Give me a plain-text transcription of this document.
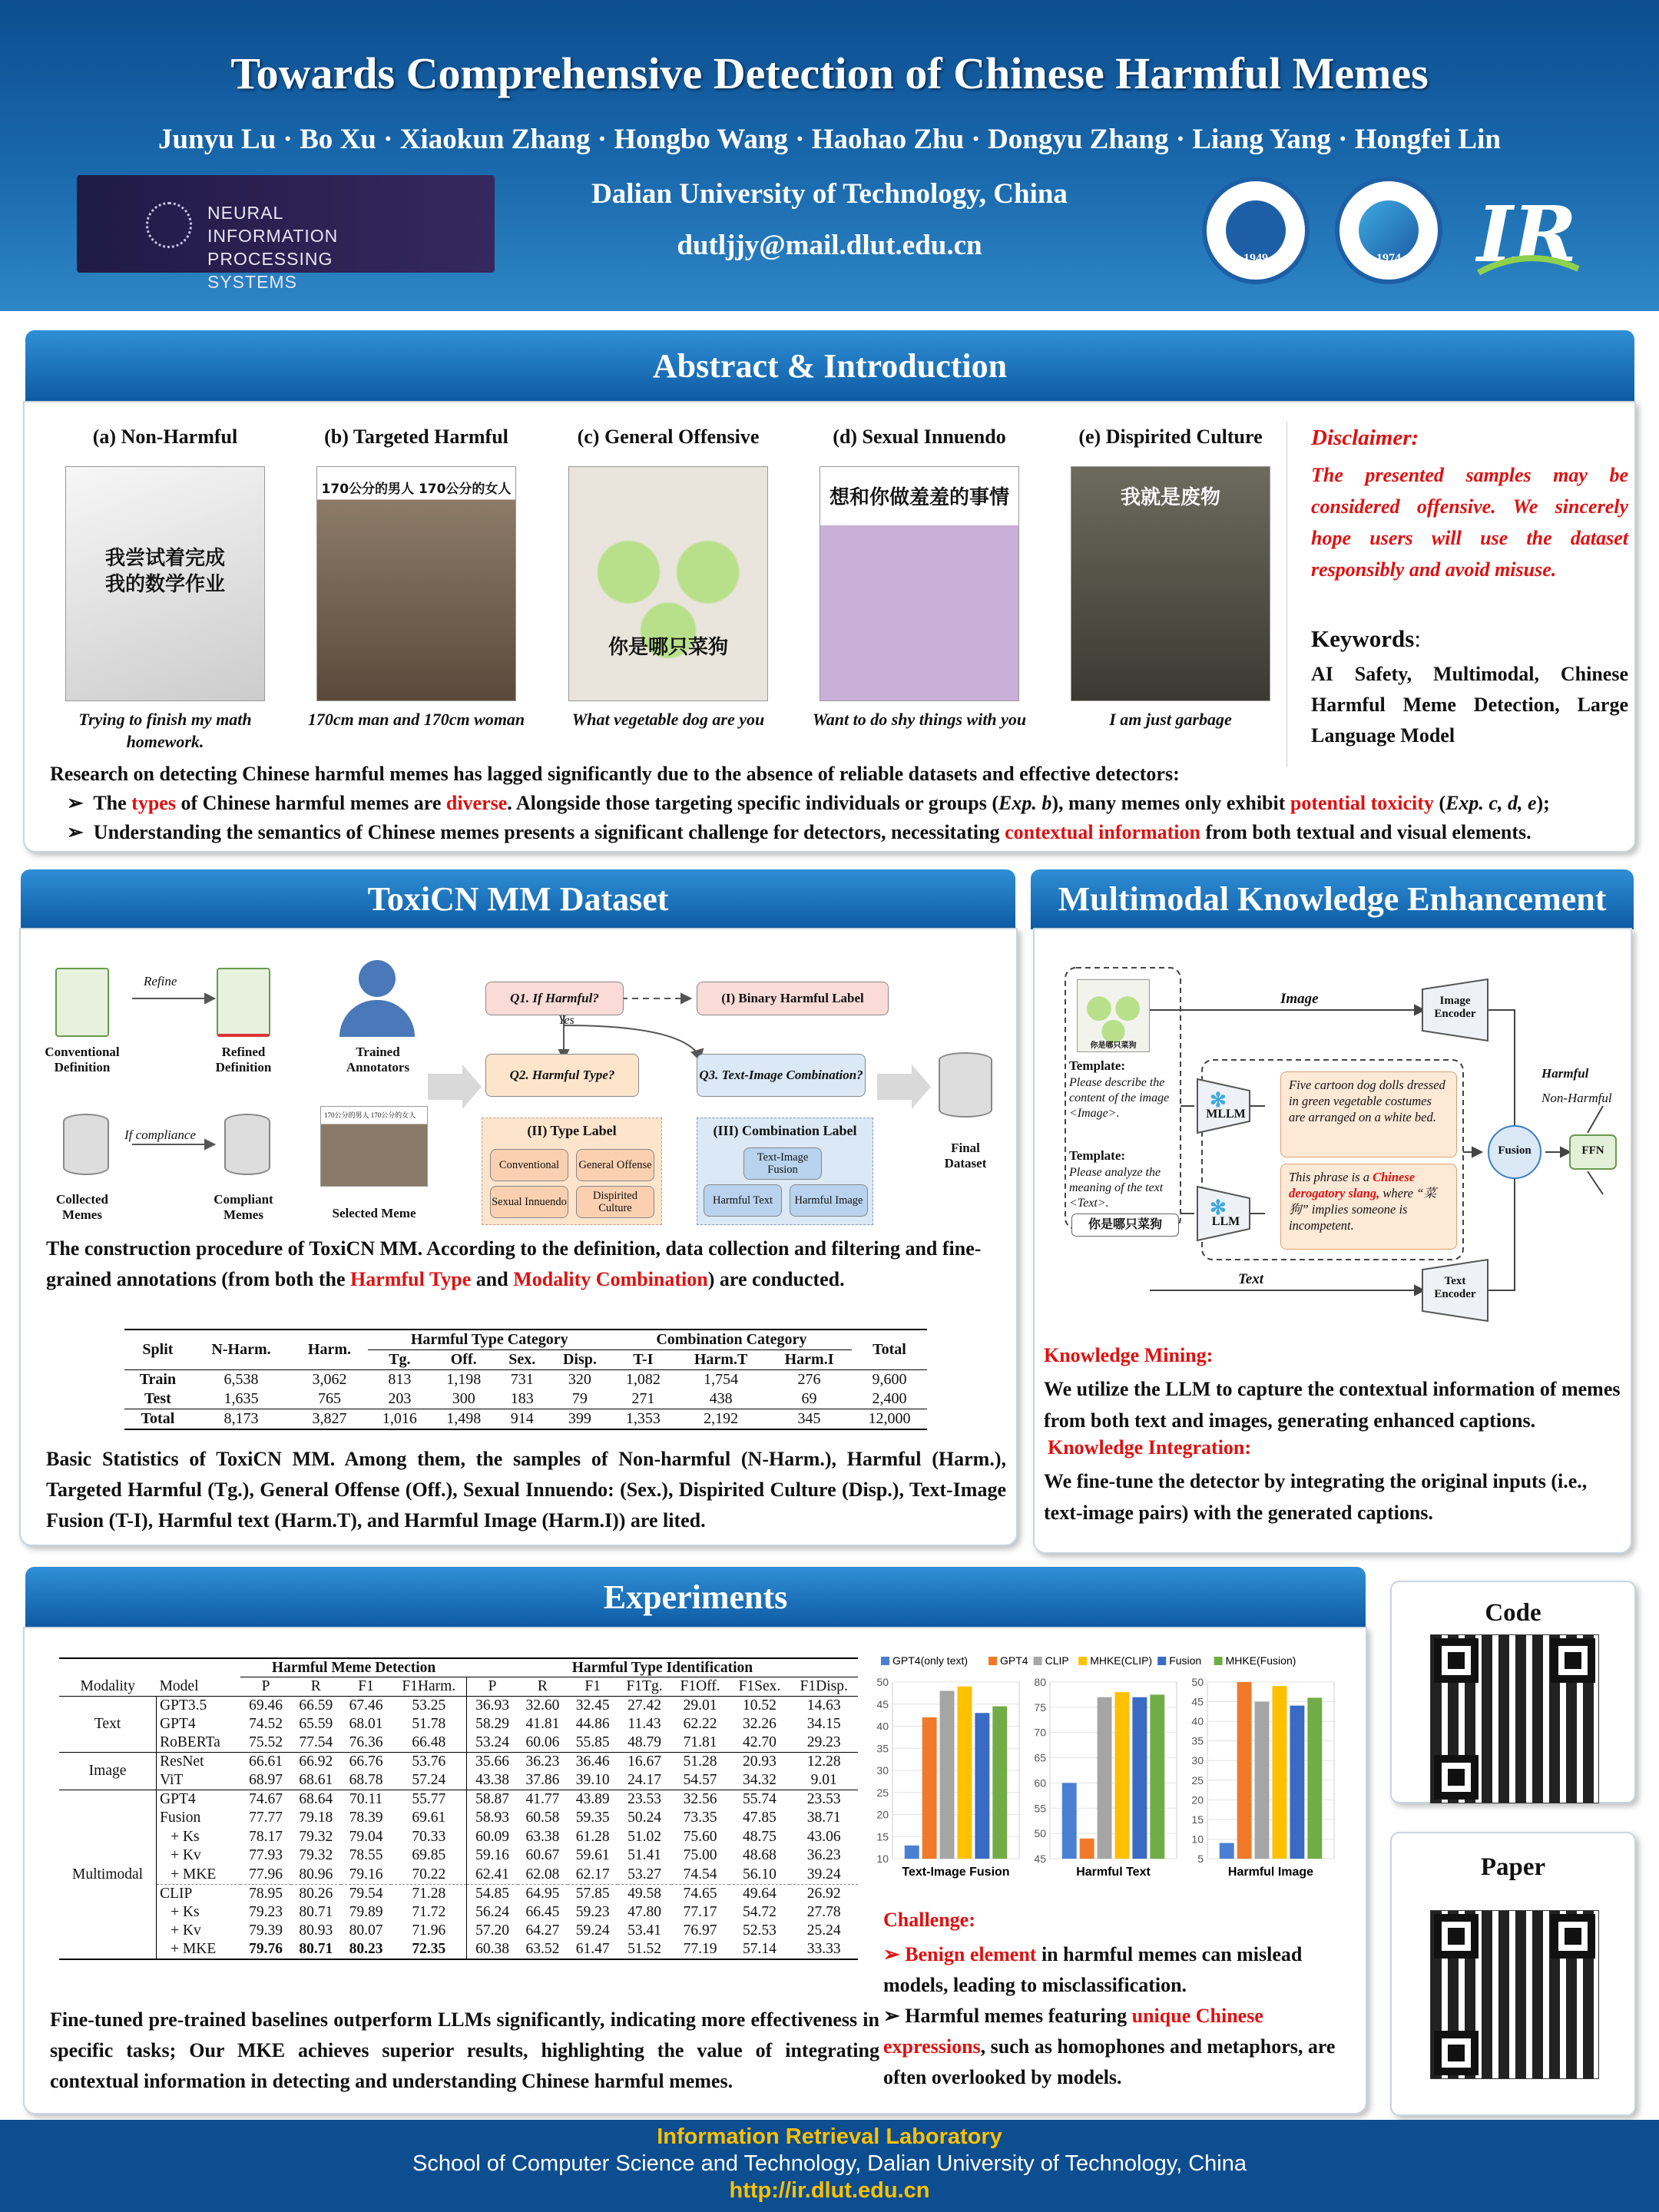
Towards Comprehensive Detection of Chinese Harmful Memes
Junyu Lu · Bo Xu · Xiaokun Zhang · Hongbo Wang · Haohao Zhu · Dongyu Zhang · Liang Yang · Hongfei Lin
Dalian University of Technology, China
dutljjy@mail.dlut.edu.cn
NEURAL INFORMATION PROCESSING SYSTEMS
1949	1974 IR
Abstract & Introduction
(a) Non-Harmful
我尝试着完成
我的数学作业
Trying to finish my math homework.
(b) Targeted Harmful
170公分的男人 170公分的女人
170cm man and 170cm woman
(c) General Offensive
你是哪只菜狗
What vegetable dog are you
(d) Sexual Innuendo
想和你做羞羞的事情
Want to do shy things with you
(e) Dispirited Culture
我就是废物
I am just garbage
Disclaimer:
The presented samples may be considered offensive. We sincerely hope users will use the dataset responsibly and avoid misuse.
Keywords:
AI Safety, Multimodal, Chinese Harmful Meme Detection, Large Language Model
Research on detecting Chinese harmful memes has lagged significantly due to the absence of reliable datasets and effective detectors:
➢  The types of Chinese harmful memes are diverse. Alongside those targeting specific individuals or groups (Exp. b), many memes only exhibit potential toxicity (Exp. c, d, e);
➢  Understanding the semantics of Chinese memes presents a significant challenge for detectors, necessitating contextual information from both textual and visual elements.
ToxiCN MM Dataset
Refine
Conventional
Definition
Refined
Definition
Trained
Annotators
If compliance
Collected
Memes
Compliant
Memes
170公分的男人 170公分的女人
Selected Meme
Q1. If Harmful?	(I) Binary Harmful Label
Yes
Q2. Harmful Type?	Q3. Text-Image Combination?
(II) Type Label
Conventional	General Offense
Sexual Innuendo	Dispirited Culture
(III) Combination Label
Text-Image Fusion
Harmful Text	Harmful Image
Final
Dataset
The construction procedure of ToxiCN MM. According to the definition, data collection and filtering and fine-grained annotations (from both the Harmful Type and Modality Combination) are conducted.
Split	N-Harm.	Harm.	Harmful Type Category				Combination Category			Total
			Tg.	Off.	Sex.	Disp.	T-I	Harm.T	Harm.I	
Train	6,538	3,062	813	1,198	731	320	1,082	1,754	276	9,600
Test	1,635	765	203	300	183	79	271	438	69	2,400
Total	8,173	3,827	1,016	1,498	914	399	1,353	2,192	345	12,000
Basic Statistics of ToxiCN MM. Among them, the samples of Non-harmful (N-Harm.), Harmful (Harm.), Targeted Harmful (Tg.), General Offense (Off.), Sexual Innuendo: (Sex.), Dispirited Culture (Disp.), Text-Image Fusion (T-I), Harmful text (Harm.T), and Harmful Image (Harm.I)) are lited.
Multimodal Knowledge Enhancement
你是哪只菜狗
Template:
Please describe the content of the image <Image>.
Template:
Please analyze the meaning of the text <Text>.
你是哪只菜狗
Image
Text
Image
Encoder
Text
Encoder
✻
✻
MLLM
LLM
Five cartoon dog dolls dressed in green vegetable costumes are arranged on a white bed.
This phrase is a Chinese derogatory slang, where “菜狗” implies someone is incompetent.
Fusion	FFN
Harmful
Non-Harmful
Knowledge Mining:
We utilize the LLM to capture the contextual information of memes from both text and images, generating enhanced captions.
Knowledge Integration:
We fine-tune the detector by integrating the original inputs (i.e., text-image pairs) with the generated captions.
Experiments
		Harmful Meme Detection				Harmful Type Identification						
Modality	Model	P	R	F1	F1Harm.	P	R	F1	F1Tg.	F1Off.	F1Sex.	F1Disp.
Text	GPT3.5	69.46	66.59	67.46	53.25	36.93	32.60	32.45	27.42	29.01	10.52	14.63
	GPT4	74.52	65.59	68.01	51.78	58.29	41.81	44.86	11.43	62.22	32.26	34.15
	RoBERTa	75.52	77.54	76.36	66.48	53.24	60.06	55.85	48.79	71.81	42.70	29.23
Image	ResNet	66.61	66.92	66.76	53.76	35.66	36.23	36.46	16.67	51.28	20.93	12.28
	ViT	68.97	68.61	68.78	57.24	43.38	37.86	39.10	24.17	54.57	34.32	9.01
Multimodal	GPT4	74.67	68.64	70.11	55.77	58.87	41.77	43.89	23.53	32.56	55.74	23.53
	Fusion	77.77	79.18	78.39	69.61	58.93	60.58	59.35	50.24	73.35	47.85	38.71
	+ Ks	78.17	79.32	79.04	70.33	60.09	63.38	61.28	51.02	75.60	48.75	43.06
	+ Kv	77.93	79.32	78.55	69.85	59.16	60.67	59.61	51.41	75.00	48.68	36.23
	+ MKE	77.96	80.96	79.16	70.22	62.41	62.08	62.17	53.27	74.54	56.10	39.24
	CLIP	78.95	80.26	79.54	71.28	54.85	64.95	57.85	49.58	74.65	49.64	26.92
	+ Ks	79.23	80.71	79.89	71.72	56.24	66.45	59.23	47.80	77.17	54.72	27.78
	+ Kv	79.39	80.93	80.07	71.96	57.20	64.27	59.24	53.41	76.97	52.53	25.24
	+ MKE	79.76	80.71	80.23	72.35	60.38	63.52	61.47	51.52	77.19	57.14	33.33
Fine-tuned pre-trained baselines outperform LLMs significantly, indicating more effectiveness in specific tasks; Our MKE achieves superior results, highlighting the value of integrating contextual information in detecting and understanding Chinese harmful memes.
GPT4(only text)	GPT4 CLIP MHKE(CLIP) Fusion MHKE(Fusion)
50
45
40
35
30
25
20
15
10
Text-Image Fusion
80
75
70
65
60
55
50
45
Harmful Text
50
45
40
35
30
25
20
15
10
5
Harmful Image
Challenge:
➢ Benign element in harmful memes can mislead models, leading to misclassification.
➢ Harmful memes featuring unique Chinese expressions, such as homophones and metaphors, are often overlooked by models.
Code
Paper
Information Retrieval Laboratory
School of Computer Science and Technology, Dalian University of Technology, China
http://ir.dlut.edu.cn
